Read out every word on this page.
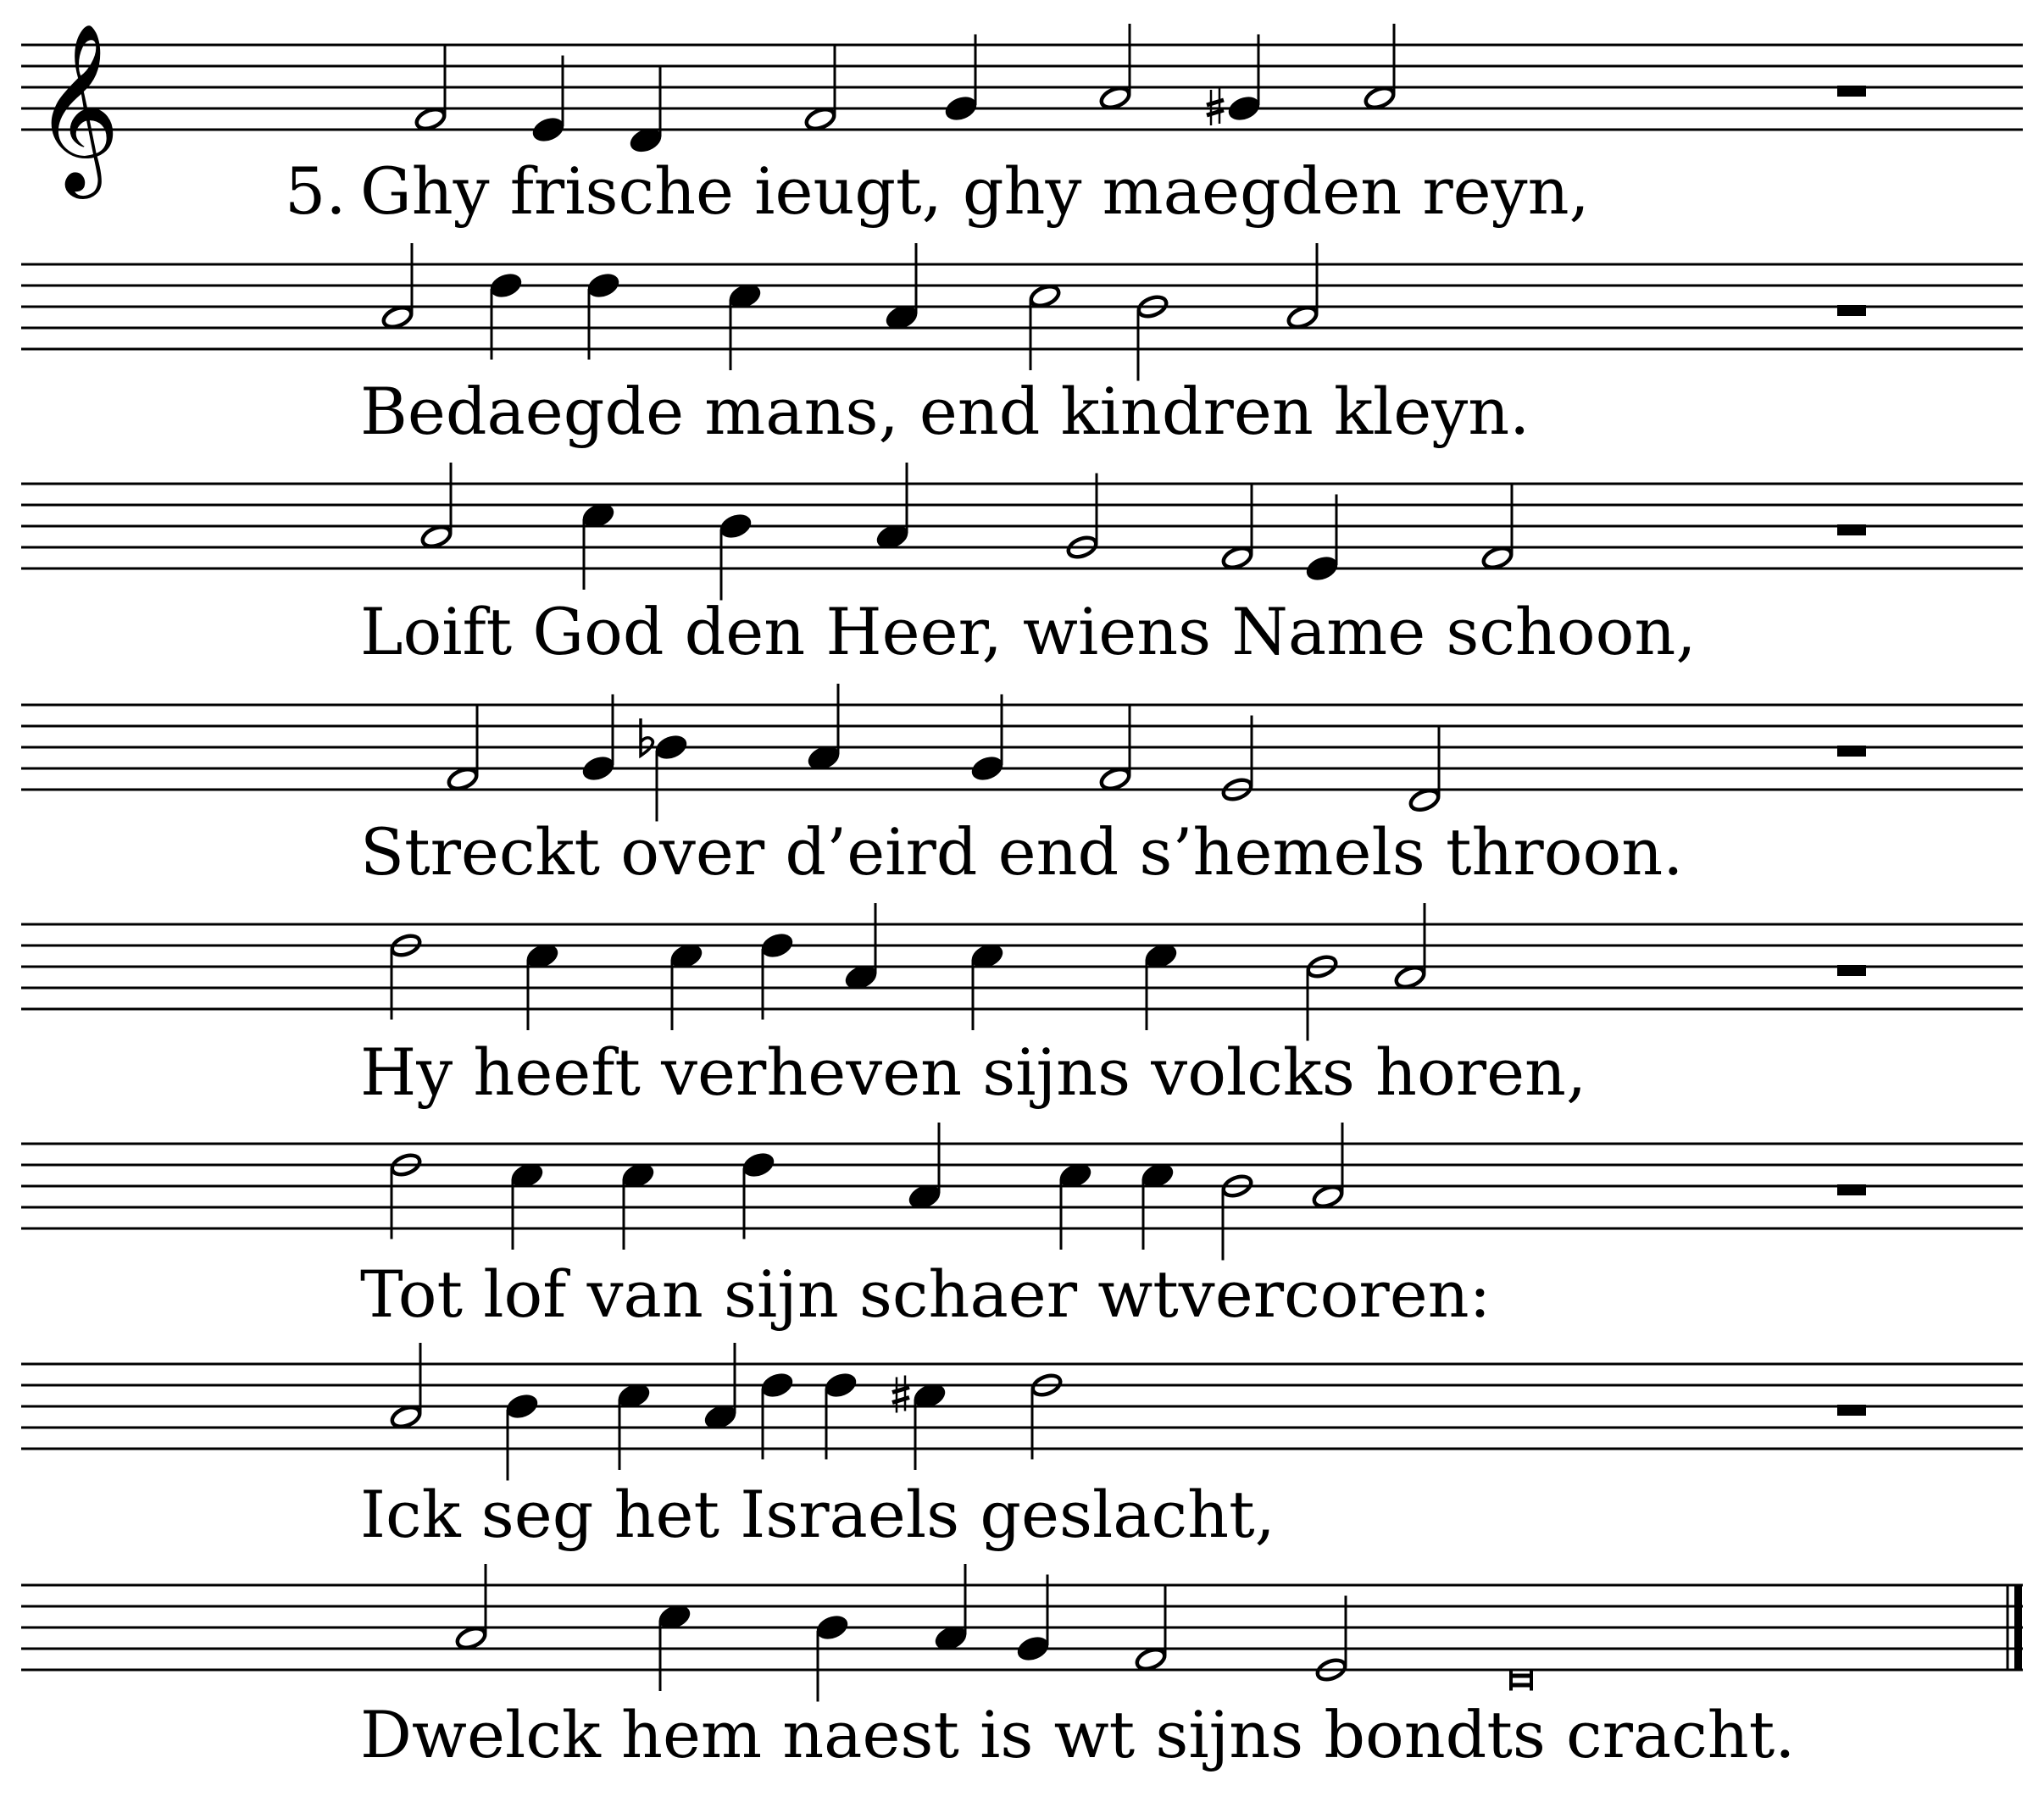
𝄞	Ghy frische ieugt, ghy maegden reyn,
Bedaegde mans, end kindren kleyn.
Loift God den Heer, wiens Name schoon,
Streckt over d’eird end s’hemels throon.
Hy heeft verheven sijns volcks horen,
Tot lof van sijn schaer wtvercoren:
Ick seg het Israels geslacht,
Dwelck hem naest is wt sijns bondts cracht.
5.
